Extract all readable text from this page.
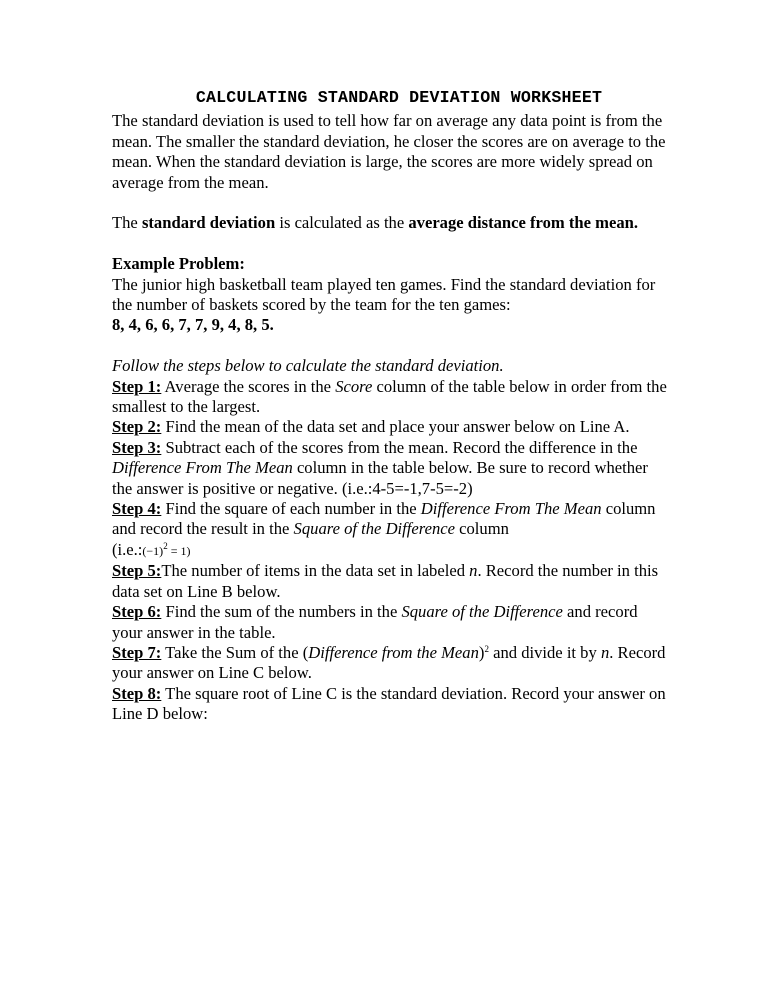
CALCULATING STANDARD DEVIATION WORKSHEET

The standard deviation is used to tell how far on average any data point is from the mean. The smaller the standard deviation, he closer the scores are on average to the mean. When the standard deviation is large, the scores are more widely spread on average from the mean.

The standard deviation is calculated as the average distance from the mean.

Example Problem:

The junior high basketball team played ten games. Find the standard deviation for the number of baskets scored by the team for the ten games:

8, 4, 6, 6, 7, 7, 9, 4, 8, 5.

Follow the steps below to calculate the standard deviation.

Step 1: Average the scores in the Score column of the table below in order from the smallest to the largest.

Step 2: Find the mean of the data set and place your answer below on Line A.

Step 3: Subtract each of the scores from the mean. Record the difference in the Difference From The Mean column in the table below. Be sure to record whether the answer is positive or negative. (i.e.:4-5=-1,7-5=-2)

Step 4: Find the square of each number in the Difference From The Mean column and record the result in the Square of the Difference column
$(i.e.:(-1)^2 = 1)$

Step 5:The number of items in the data set in labeled n. Record the number in this data set on Line B below.

Step 6: Find the sum of the numbers in the Square of the Difference and record your answer in the table.

Step 7: Take the Sum of the (Difference from the Mean)$^2$ and divide it by n. Record your answer on Line C below.

Step 8: The square root of Line C is the standard deviation. Record your answer on Line D below:
